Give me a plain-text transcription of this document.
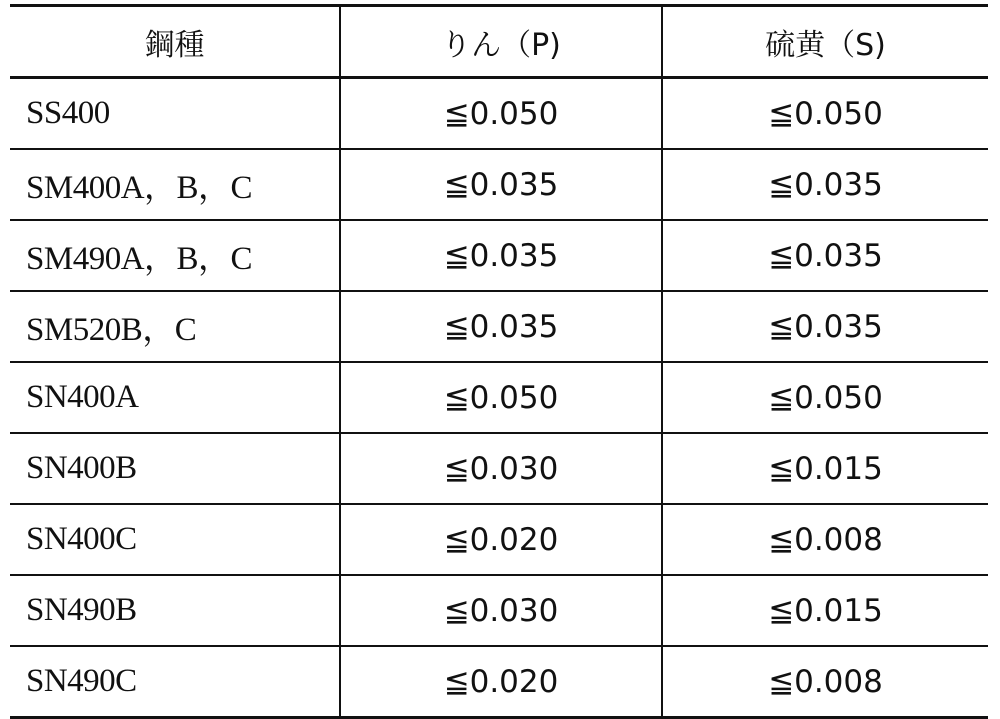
鋼種	りん（P)	硫黄（S)
SS400	≦0.050	≦0.050
SM400A，B，C	≦0.035	≦0.035
SM490A，B，C	≦0.035	≦0.035
SM520B，C	≦0.035	≦0.035
SN400A	≦0.050	≦0.050
SN400B	≦0.030	≦0.015
SN400C	≦0.020	≦0.008
SN490B	≦0.030	≦0.015
SN490C	≦0.020	≦0.008
